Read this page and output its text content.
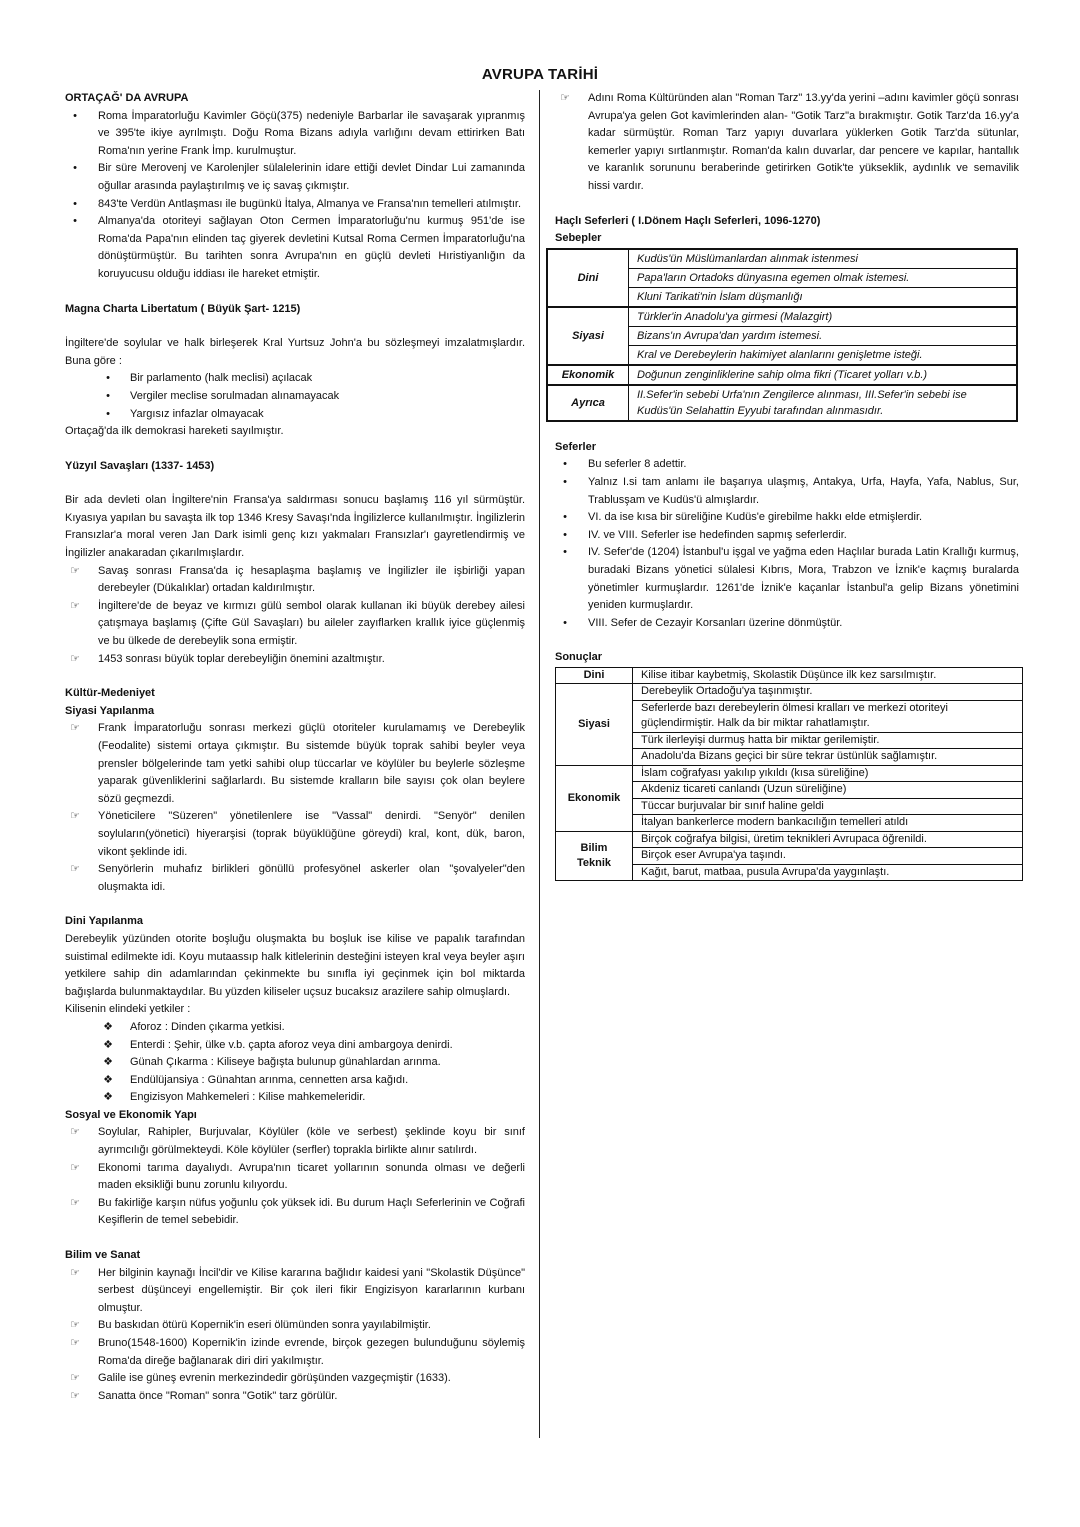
AVRUPA TARİHİ
ORTAÇAĞ' DA AVRUPA
•	Roma İmparatorluğu Kavimler Göçü(375) nedeniyle Barbarlar ile savaşarak yıpranmış ve 395'te ikiye ayrılmıştı. Doğu Roma Bizans adıyla varlığını devam ettirirken Batı Roma'nın yerine Frank İmp. kurulmuştur.
•	Bir süre Merovenj ve Karolenjler sülalelerinin idare ettiği devlet Dindar Lui zamanında oğullar arasında paylaştırılmış ve iç savaş çıkmıştır.
•	843'te Verdün Antlaşması ile bugünkü İtalya, Almanya ve Fransa'nın temelleri atılmıştır.
•	Almanya'da otoriteyi sağlayan Oton Cermen İmparatorluğu'nu kurmuş 951'de ise Roma'da Papa'nın elinden taç giyerek devletini Kutsal Roma Cermen İmparatorluğu'na dönüştürmüştür. Bu tarihten sonra Avrupa'nın en güçlü devleti Hıristiyanlığın da koruyucusu olduğu iddiası ile hareket etmiştir.
Magna Charta Libertatum ( Büyük Şart- 1215)

İngiltere'de soylular ve halk birleşerek Kral Yurtsuz John'a bu sözleşmeyi imzalatmışlardır. Buna göre :

•	Bir parlamento (halk meclisi) açılacak
•	Vergiler meclise sorulmadan alınamayacak
•	Yargısız infazlar olmayacak

Ortaçağ'da ilk demokrasi hareketi sayılmıştır.

Yüzyıl Savaşları (1337- 1453)

Bir ada devleti olan İngiltere'nin Fransa'ya saldırması sonucu başlamış 116 yıl sürmüştür. Kıyasıya yapılan bu savaşta ilk top 1346 Kresy Savaşı'nda İngilizlerce kullanılmıştır. İngilizlerin Fransızlar'a moral veren Jan Dark isimli genç kızı yakmaları Fransızlar'ı gayretlendirmiş ve İngilizler anakaradan çıkarılmışlardır.

☞	Savaş sonrası Fransa'da iç hesaplaşma başlamış ve İngilizler ile işbirliği yapan derebeyler (Dükalıklar) ortadan kaldırılmıştır.
☞	İngiltere'de de beyaz ve kırmızı gülü sembol olarak kullanan iki büyük derebey ailesi çatışmaya başlamış (Çifte Gül Savaşları) bu aileler zayıflarken krallık iyice güçlenmiş ve bu ülkede de derebeylik sona ermiştir.
☞	1453 sonrası büyük toplar derebeyliğin önemini azaltmıştır.
Kültür-Medeniyet
Siyasi Yapılanma
☞	Frank İmparatorluğu sonrası merkezi güçlü otoriteler kurulamamış ve Derebeylik (Feodalite) sistemi ortaya çıkmıştır. Bu sistemde büyük toprak sahibi beyler veya prensler bölgelerinde tam yetki sahibi olup tüccarlar ve köylüler bu beylerle sözleşme yaparak güvenliklerini sağlarlardı. Bu sistemde kralların bile sayısı çok olan beylere sözü geçmezdi.
☞	Yöneticilere "Süzeren" yönetilenlere ise "Vassal" denirdi. "Senyör" denilen soyluların(yönetici) hiyerarşisi (toprak büyüklüğüne göreydi) kral, kont, dük, baron, vikont şeklinde idi.
☞	Senyörlerin muhafız birlikleri gönüllü profesyönel askerler olan "şovalyeler"den oluşmakta idi.
Dini Yapılanma

Derebeylik yüzünden otorite boşluğu oluşmakta bu boşluk ise kilise ve papalık tarafından suistimal edilmekte idi. Koyu mutaassıp halk kitlelerinin desteğini isteyen kral veya beyler aşırı yetkilere sahip din adamlarından çekinmekte bu sınıfla iyi geçinmek için bol miktarda bağışlarda bulunmaktaydılar. Bu yüzden kiliseler uçsuz bucaksız arazilere sahip olmuşlardı.

Kilisenin elindeki yetkiler :

❖	Aforoz : Dinden çıkarma yetkisi.
❖	Enterdi : Şehir, ülke v.b. çapta aforoz veya dini ambargoya denirdi.
❖	Günah Çıkarma : Kiliseye bağışta bulunup günahlardan arınma.
❖	Endülüjansiya : Günahtan arınma, cennetten arsa kağıdı.
❖	Engizisyon Mahkemeleri : Kilise mahkemeleridir.
Sosyal ve Ekonomik Yapı
☞	Soylular, Rahipler, Burjuvalar, Köylüler (köle ve serbest) şeklinde koyu bir sınıf ayrımcılığı görülmekteydi. Köle köylüler (serfler) toprakla birlikte alınır satılırdı.
☞	Ekonomi tarıma dayalıydı. Avrupa'nın ticaret yollarının sonunda olması ve değerli maden eksikliği bunu zorunlu kılıyordu.
☞	Bu fakirliğe karşın nüfus yoğunlu çok yüksek idi. Bu durum Haçlı Seferlerinin ve Coğrafi Keşiflerin de temel sebebidir.
Bilim ve Sanat
☞	Her bilginin kaynağı İncil'dir ve Kilise kararına bağlıdır kaidesi yani "Skolastik Düşünce" serbest düşünceyi engellemiştir. Bir çok ileri fikir Engizisyon kararlarının kurbanı olmuştur.
☞	Bu baskıdan ötürü Kopernik'in eseri ölümünden sonra yayılabilmiştir.
☞	Bruno(1548-1600) Kopernik'in izinde evrende, birçok gezegen bulunduğunu söylemiş Roma'da direğe bağlanarak diri diri yakılmıştır.
☞	Galile ise güneş evrenin merkezindedir görüşünden vazgeçmiştir (1633).
☞	Sanatta önce "Roman" sonra "Gotik" tarz görülür.
☞	Adını Roma Kültüründen alan "Roman Tarz" 13.yy'da yerini –adını kavimler göçü sonrası Avrupa'ya gelen Got kavimlerinden alan- "Gotik Tarz"a bırakmıştır. Gotik Tarz'da 16.yy'a kadar sürmüştür. Roman Tarz yapıyı duvarlara yüklerken Gotik Tarz'da sütunlar, kemerler yapıyı sırtlanmıştır. Roman'da kalın duvarlar, dar pencere ve kapılar, hantallık ve karanlık sorununu beraberinde getirirken Gotik'te yükseklik, aydınlık ve semavilik hissi vardır.
Haçlı Seferleri ( I.Dönem Haçlı Seferleri, 1096-1270)
Sebepler
Dini	Kudüs'ün Müslümanlardan alınmak istenmesi
	Papa'ların Ortadoks dünyasına egemen olmak istemesi.
	Kluni Tarikati'nin İslam düşmanlığı
Siyasi	Türkler'in Anadolu'ya girmesi (Malazgirt)
	Bizans'ın Avrupa'dan yardım istemesi.
	Kral ve Derebeylerin hakimiyet alanlarını genişletme isteği.
Ekonomik	Doğunun zenginliklerine sahip olma fikri (Ticaret yolları v.b.)
Ayrıca	II.Sefer'in sebebi Urfa'nın Zengilerce alınması, III.Sefer'in sebebi ise Kudüs'ün Selahattin Eyyubi tarafından alınmasıdır.
Seferler
•	Bu seferler 8 adettir.
•	Yalnız I.si tam anlamı ile başarıya ulaşmış, Antakya, Urfa, Hayfa, Yafa, Nablus, Sur, Trablusşam ve Kudüs'ü almışlardır.
•	VI. da ise kısa bir süreliğine Kudüs'e girebilme hakkı elde etmişlerdir.
•	IV. ve VIII. Seferler ise hedefinden sapmış seferlerdir.
•	IV. Sefer'de (1204) İstanbul'u işgal ve yağma eden Haçlılar burada Latin Krallığı kurmuş, buradaki Bizans yönetici sülalesi Kıbrıs, Mora, Trabzon ve İznik'e kaçmış buralarda yönetimler kurmuşlardır. 1261'de İznik'e kaçanlar İstanbul'a gelip Bizans yönetimini yeniden kurmuşlardır.
•	VIII. Sefer de Cezayir Korsanları üzerine dönmüştür.
Sonuçlar
Dini	Kilise itibar kaybetmiş, Skolastik Düşünce ilk kez sarsılmıştır.
Siyasi	Derebeylik Ortadoğu'ya taşınmıştır.
	Seferlerde bazı derebeylerin ölmesi kralları ve merkezi otoriteyi güçlendirmiştir. Halk da bir miktar rahatlamıştır.
	Türk ilerleyişi durmuş hatta bir miktar gerilemiştir.
	Anadolu'da Bizans geçici bir süre tekrar üstünlük sağlamıştır.
Ekonomik	İslam coğrafyası yakılıp yıkıldı (kısa süreliğine)
	Akdeniz ticareti canlandı (Uzun süreliğine)
	Tüccar burjuvalar bir sınıf haline geldi
	İtalyan bankerlerce modern bankacılığın temelleri atıldı
Bilim Teknik	Birçok coğrafya bilgisi, üretim teknikleri Avrupaca öğrenildi.
	Birçok eser Avrupa'ya taşındı.
	Kağıt, barut, matbaa, pusula Avrupa'da yaygınlaştı.
